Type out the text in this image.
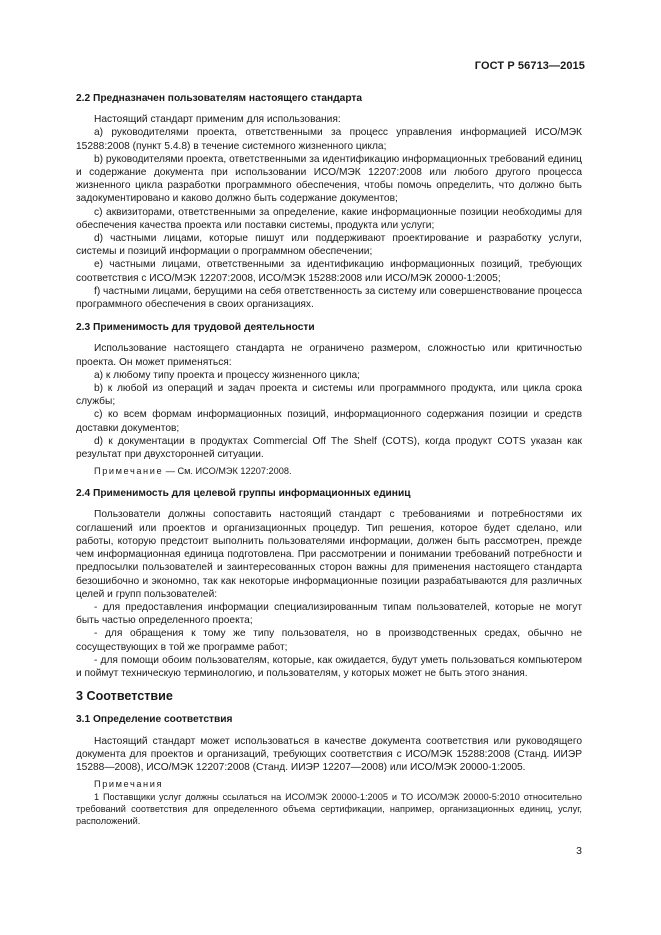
ГОСТ Р 56713—2015
2.2 Предназначен пользователям настоящего стандарта

Настоящий стандарт применим для использования:

a) руководителями проекта, ответственными за процесс управления информацией ИСО/МЭК 15288:2008 (пункт 5.4.8) в течение системного жизненного цикла;

b) руководителями проекта, ответственными за идентификацию информационных требований единиц и содержание документа при использовании ИСО/МЭК 12207:2008 или любого другого процесса жизненного цикла разработки программного обеспечения, чтобы помочь определить, что должно быть задокументировано и каково должно быть содержание документов;

c) аквизиторами, ответственными за определение, какие информационные позиции необходимы для обеспечения качества проекта или поставки системы, продукта или услуги;

d) частными лицами, которые пишут или поддерживают проектирование и разработку услуги, системы и позиций информации о программном обеспечении;

e) частными лицами, ответственными за идентификацию информационных позиций, требующих соответствия с ИСО/МЭК 12207:2008, ИСО/МЭК 15288:2008 или ИСО/МЭК 20000-1:2005;

f) частными лицами, берущими на себя ответственность за систему или совершенствование процесса программного обеспечения в своих организациях.

2.3 Применимость для трудовой деятельности

Использование настоящего стандарта не ограничено размером, сложностью или критичностью проекта. Он может применяться:

a) к любому типу проекта и процессу жизненного цикла;

b) к любой из операций и задач проекта и системы или программного продукта, или цикла срока службы;

c) ко всем формам информационных позиций, информационного содержания позиции и средств доставки документов;

d) к документации в продуктах Commercial Off The Shelf (COTS), когда продукт COTS указан как результат при двухсторонней ситуации.

Примечание — См. ИСО/МЭК 12207:2008.
2.4 Применимость для целевой группы информационных единиц

Пользователи должны сопоставить настоящий стандарт с требованиями и потребностями их соглашений или проектов и организационных процедур. Тип решения, которое будет сделано, или работы, которую предстоит выполнить пользователями информации, должен быть рассмотрен, прежде чем информационная единица подготовлена. При рассмотрении и понимании требований потребности и предпосылки пользователей и заинтересованных сторон важны для применения настоящего стандарта безошибочно и экономно, так как некоторые информационные позиции разрабатываются для различных целей и групп пользователей:

- для предоставления информации специализированным типам пользователей, которые не могут быть частью определенного проекта;

- для обращения к тому же типу пользователя, но в производственных средах, обычно не сосуществующих в той же программе работ;

- для помощи обоим пользователям, которые, как ожидается, будут уметь пользоваться компьютером и поймут техническую терминологию, и пользователям, у которых может не быть этого знания.

3 Соответствие
3.1 Определение соответствия

Настоящий стандарт может использоваться в качестве документа соответствия или руководящего документа для проектов и организаций, требующих соответствия с ИСО/МЭК 15288:2008 (Станд. ИИЭР 15288—2008), ИСО/МЭК 12207:2008 (Станд. ИИЭР 12207—2008) или ИСО/МЭК 20000-1:2005.

Примечания
1 Поставщики услуг должны ссылаться на ИСО/МЭК 20000-1:2005 и ТО ИСО/МЭК 20000-5:2010 относительно требований соответствия для определенного объема сертификации, например, организационных единиц, услуг, расположений.
3
